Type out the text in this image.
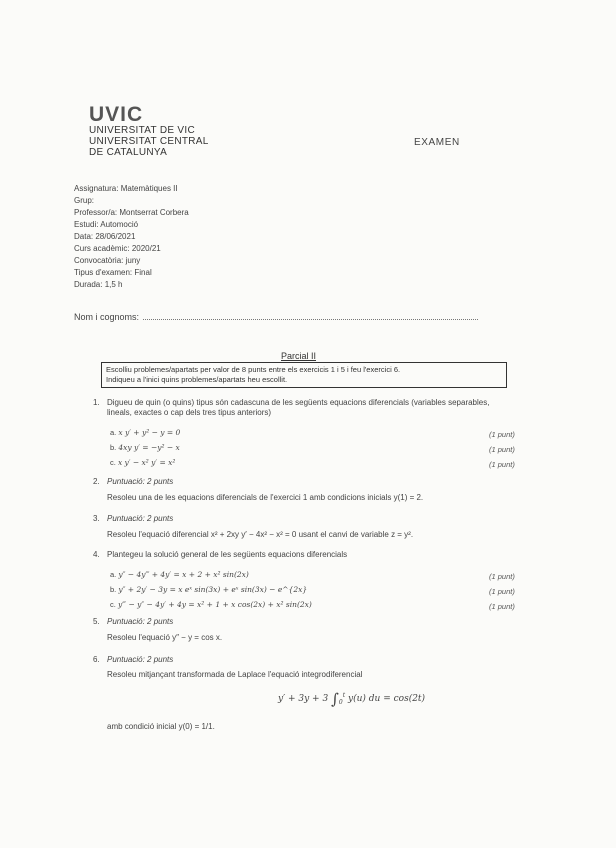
UVIC
UNIVERSITAT DE VIC
UNIVERSITAT CENTRAL
DE CATALUNYA
EXAMEN
Assignatura: Matemàtiques II
Grup:
Professor/a: Montserrat Corbera
Estudi: Automoció
Data: 28/06/2021
Curs acadèmic: 2020/21
Convocatòria: juny
Tipus d'examen: Final
Durada: 1,5 h
Nom i cognoms:
Parcial II
Escolliu problemes/apartats per valor de 8 punts entre els exercicis 1 i 5 i feu l'exercici 6.
Indiqueu a l'inici quins problemes/apartats heu escollit.
1. Digueu de quin (o quins) tipus són cadascuna de les següents equacions diferencials (variables separables,
lineals, exactes o cap dels tres tipus anteriors)
a. x y′ + y² − y = 0	(1 punt)
b. 4xy y′ = −y² − x	(1 punt)
c. x y′ − x² y′ = x²	(1 punt)
2. Puntuació: 2 punts
Resoleu una de les equacions diferencials de l'exercici 1 amb condicions inicials y(1) = 2.
3. Puntuació: 2 punts
Resoleu l'equació diferencial x² + 2xy y′ − 4x² − x² = 0 usant el canvi de variable z = y².
4. Plantegeu la solució general de les següents equacions diferencials
a. y″ − 4y‴ + 4y′ = x + 2 + x² sin(2x)	(1 punt)
b. y″ + 2y′ − 3y = x eˣ sin(3x) + eˣ sin(3x) − e^{2x}	(1 punt)
c. y‴ − y″ − 4y′ + 4y = x² + 1 + x cos(2x) + x² sin(2x)	(1 punt)
5. Puntuació: 2 punts
Resoleu l'equació y″ − y = cos x.
6. Puntuació: 2 punts
Resoleu mitjançant transformada de Laplace l'equació integrodiferencial
y′ + 3y + 3 $\int_0^t$ y(u) du = cos(2t)
amb condició inicial y(0) = 1/1.
